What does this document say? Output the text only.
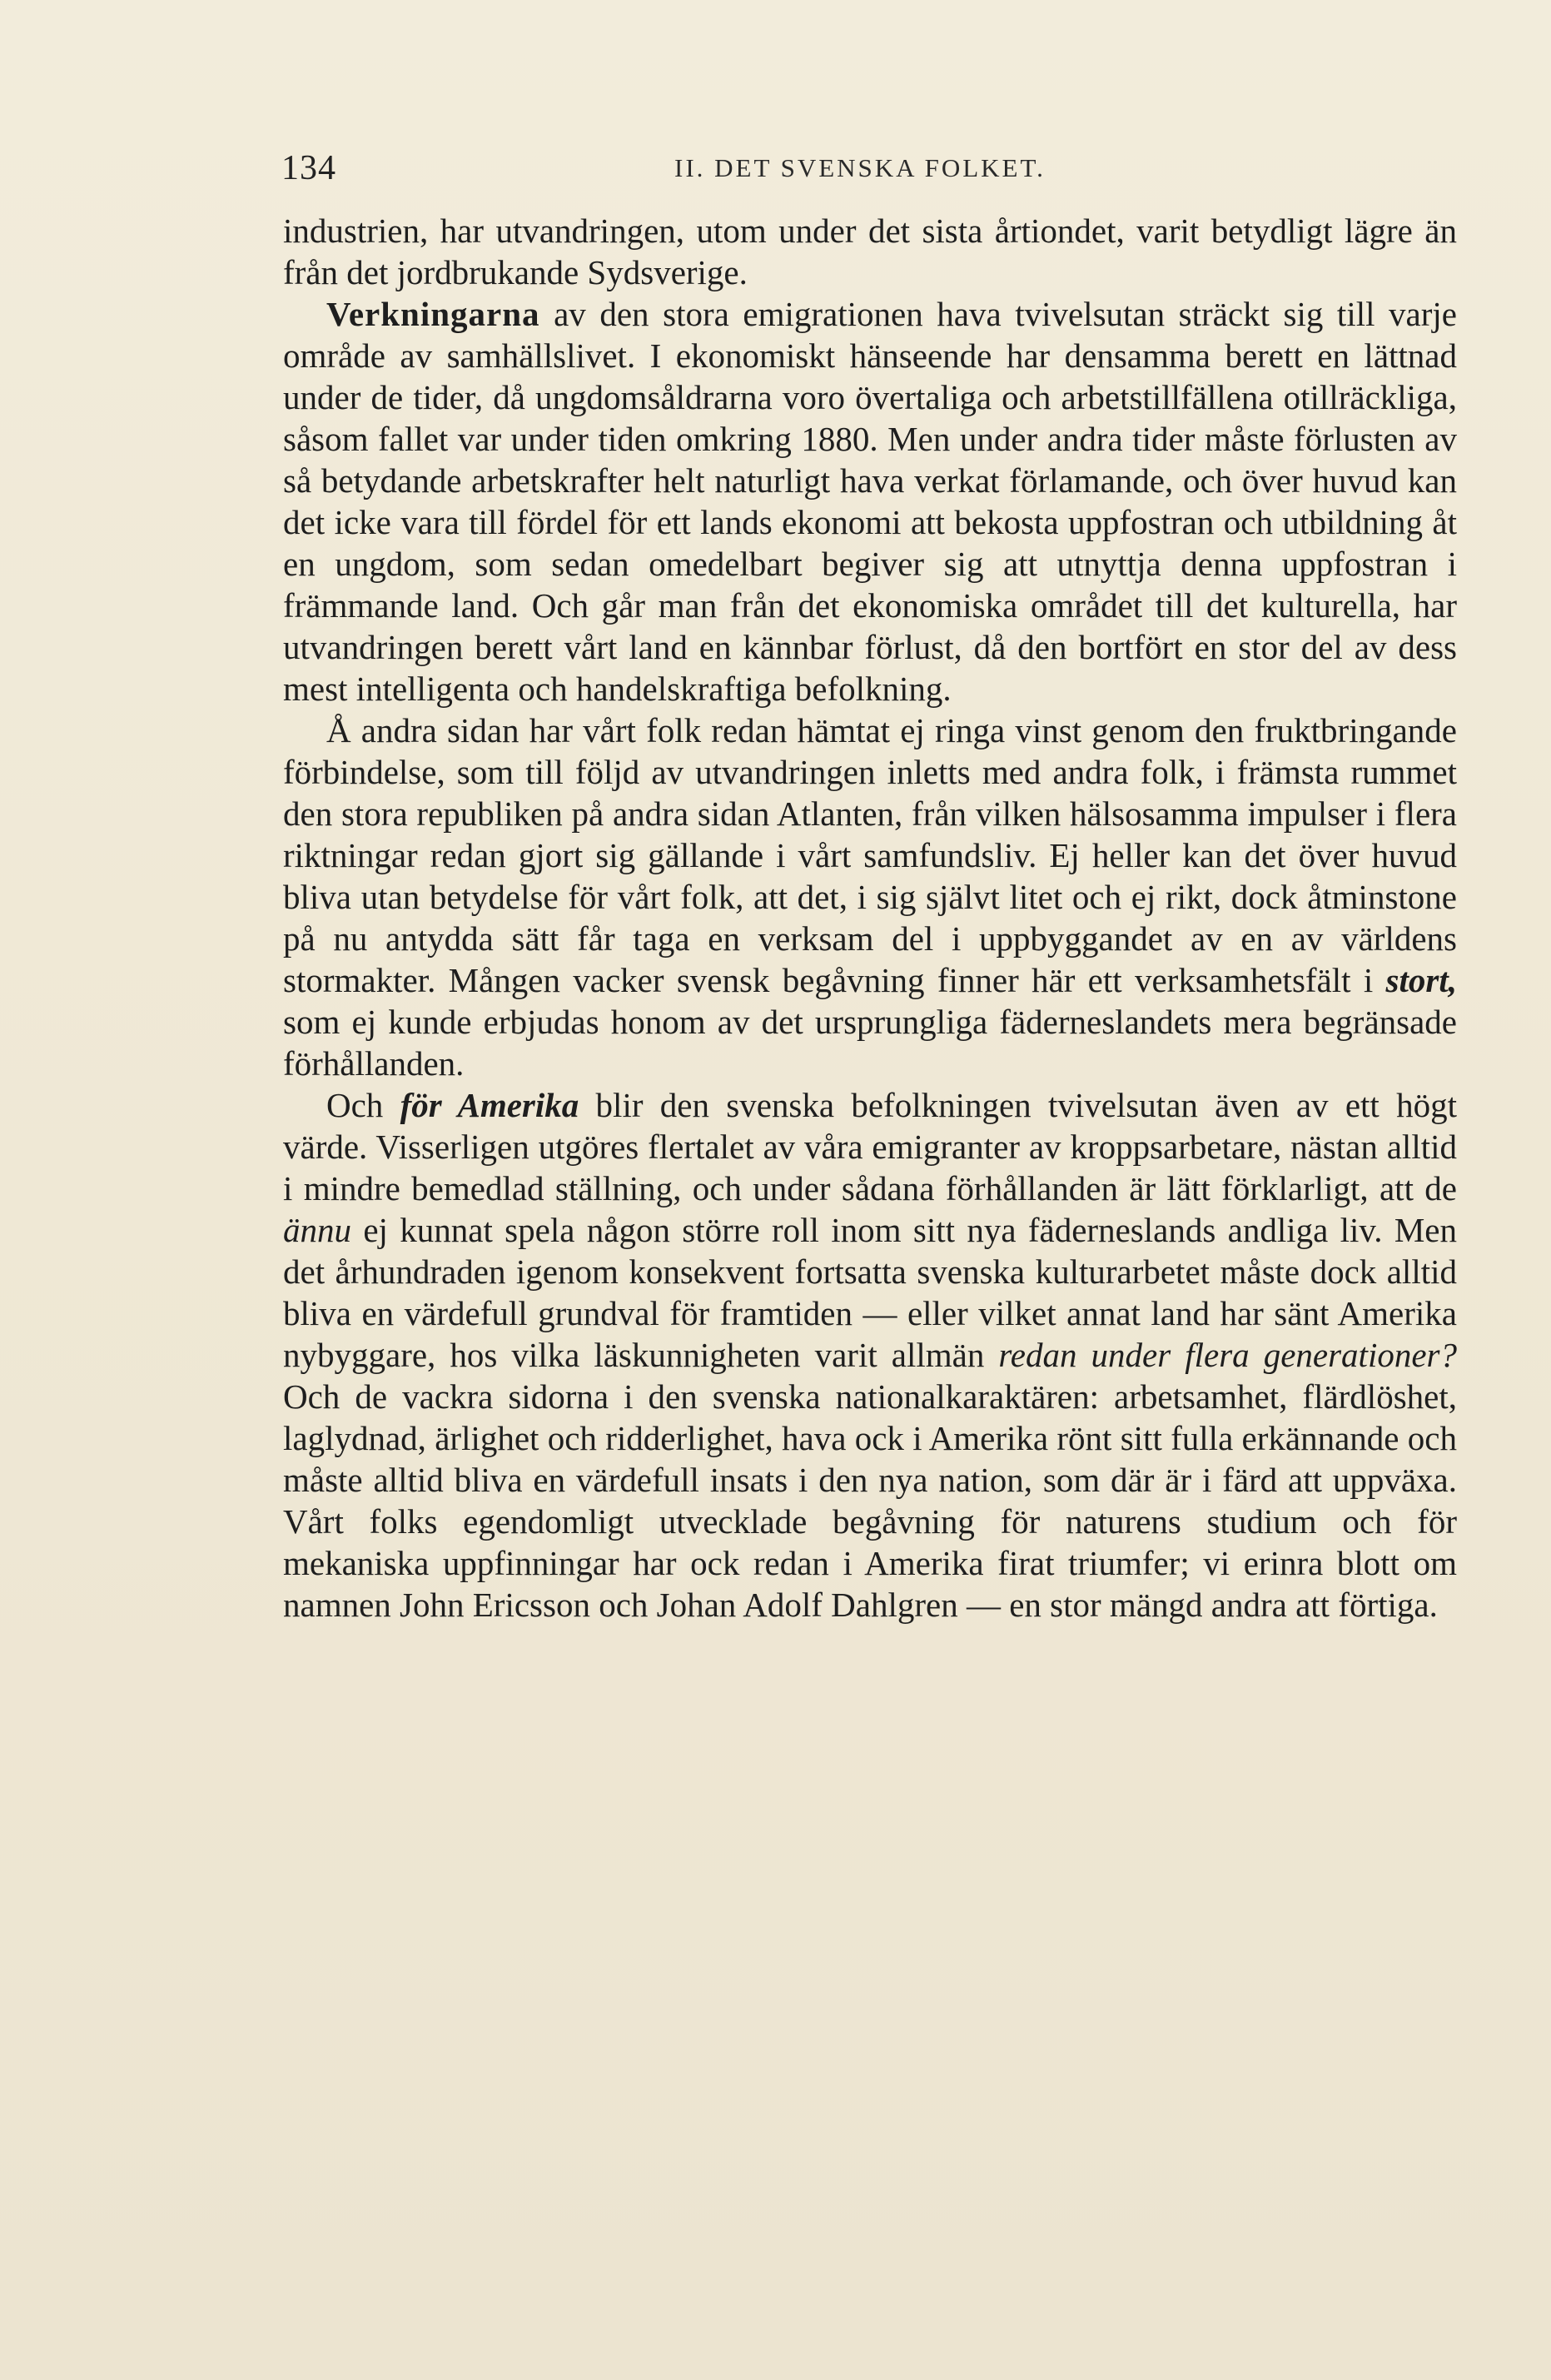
134	II. DET SVENSKA FOLKET.

industrien, har utvandringen, utom under det sista årtiondet, varit betydligt lägre än från det jordbrukande Sydsverige.

Verkningarna av den stora emigrationen hava tvivelsutan sträckt sig till varje område av samhällslivet. I ekonomiskt hänseende har densamma berett en lättnad under de tider, då ungdomsåldrarna voro övertaliga och arbetstillfällena otillräckliga, såsom fallet var under tiden omkring 1880. Men under andra tider måste förlusten av så betydande arbetskrafter helt naturligt hava verkat förlamande, och över huvud kan det icke vara till fördel för ett lands ekonomi att bekosta uppfostran och utbildning åt en ungdom, som sedan omedelbart begiver sig att utnyttja denna uppfostran i främmande land. Och går man från det ekonomiska området till det kulturella, har utvandringen berett vårt land en kännbar förlust, då den bortfört en stor del av dess mest intelligenta och handelskraftiga befolkning.

Å andra sidan har vårt folk redan hämtat ej ringa vinst genom den fruktbringande förbindelse, som till följd av utvandringen inletts med andra folk, i främsta rummet den stora republiken på andra sidan Atlanten, från vilken hälsosamma impulser i flera riktningar redan gjort sig gällande i vårt samfundsliv. Ej heller kan det över huvud bliva utan betydelse för vårt folk, att det, i sig självt litet och ej rikt, dock åtminstone på nu antydda sätt får taga en verksam del i uppbyggandet av en av världens stormakter. Mången vacker svensk begåvning finner här ett verksamhetsfält i stort, som ej kunde erbjudas honom av det ursprungliga fäderneslandets mera begränsade förhållanden.

Och för Amerika blir den svenska befolkningen tvivelsutan även av ett högt värde. Visserligen utgöres flertalet av våra emigranter av kroppsarbetare, nästan alltid i mindre bemedlad ställning, och under sådana förhållanden är lätt förklarligt, att de ännu ej kunnat spela någon större roll inom sitt nya fäderneslands andliga liv. Men det århundraden igenom konsekvent fortsatta svenska kulturarbetet måste dock alltid bliva en värdefull grundval för framtiden — eller vilket annat land har sänt Amerika nybyggare, hos vilka läskunnigheten varit allmän redan under flera generationer? Och de vackra sidorna i den svenska nationalkaraktären: arbetsamhet, flärdlöshet, laglydnad, ärlighet och ridderlighet, hava ock i Amerika rönt sitt fulla erkännande och måste alltid bliva en värdefull insats i den nya nation, som där är i färd att uppväxa. Vårt folks egendomligt utvecklade begåvning för naturens studium och för mekaniska uppfinningar har ock redan i Amerika firat triumfer; vi erinra blott om namnen John Ericsson och Johan Adolf Dahlgren — en stor mängd andra att förtiga.
